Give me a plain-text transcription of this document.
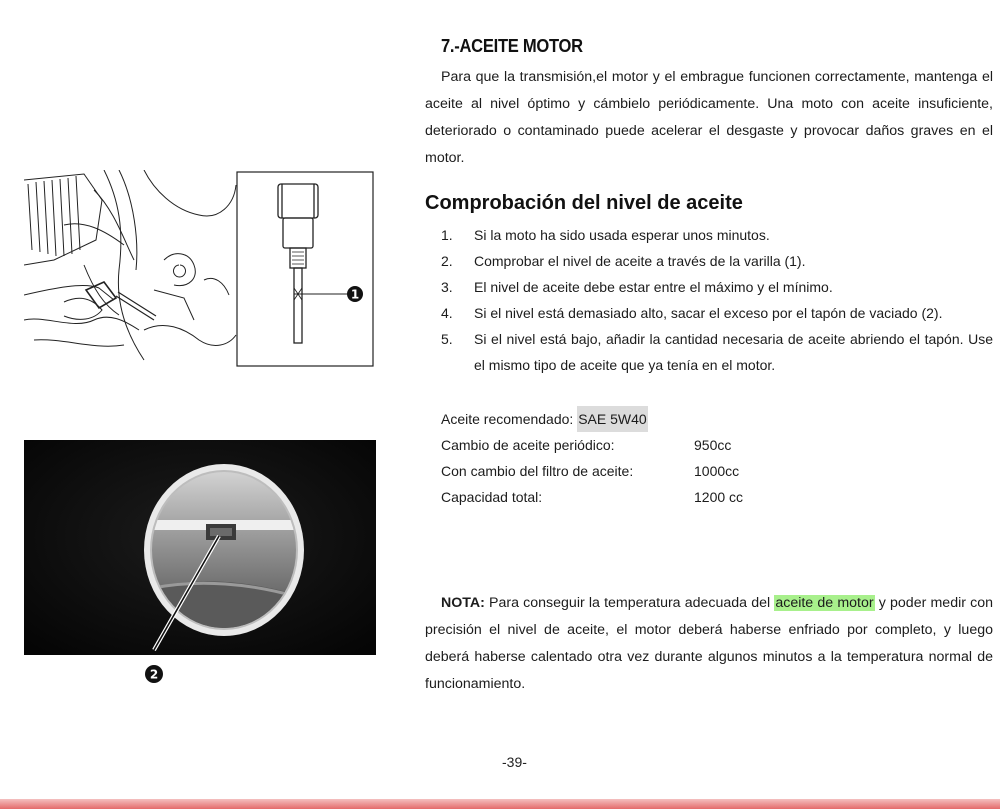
1
2
7.-ACEITE MOTOR

Para que la transmisión,el motor y el embrague funcionen correctamente, mantenga el aceite al nivel óptimo y cámbielo periódicamente. Una moto con aceite insuficiente, deteriorado o contaminado puede acelerar el desgaste y provocar daños graves en el motor.

Comprobación del nivel de aceite
1. Si la moto ha sido usada esperar unos minutos.
2. Comprobar el nivel de aceite a través de la varilla (1).
3. El nivel de aceite debe estar entre el máximo y el mínimo.
4. Si el nivel está demasiado alto, sacar el exceso por el tapón de vaciado (2).
5. Si el nivel está bajo, añadir la cantidad necesaria de aceite abriendo el tapón. Use el mismo tipo de aceite que ya tenía en el motor.
Aceite recomendado: SAE 5W40
Cambio de aceite periódico:	950cc
Con cambio del filtro de aceite:	1000cc
Capacidad total:	1200 cc

NOTA: Para conseguir la temperatura adecuada del aceite de motor y poder medir con precisión el nivel de aceite, el motor deberá haberse enfriado por completo, y luego deberá haberse calentado otra vez durante algunos minutos a la temperatura normal de funcionamiento.

-39-
